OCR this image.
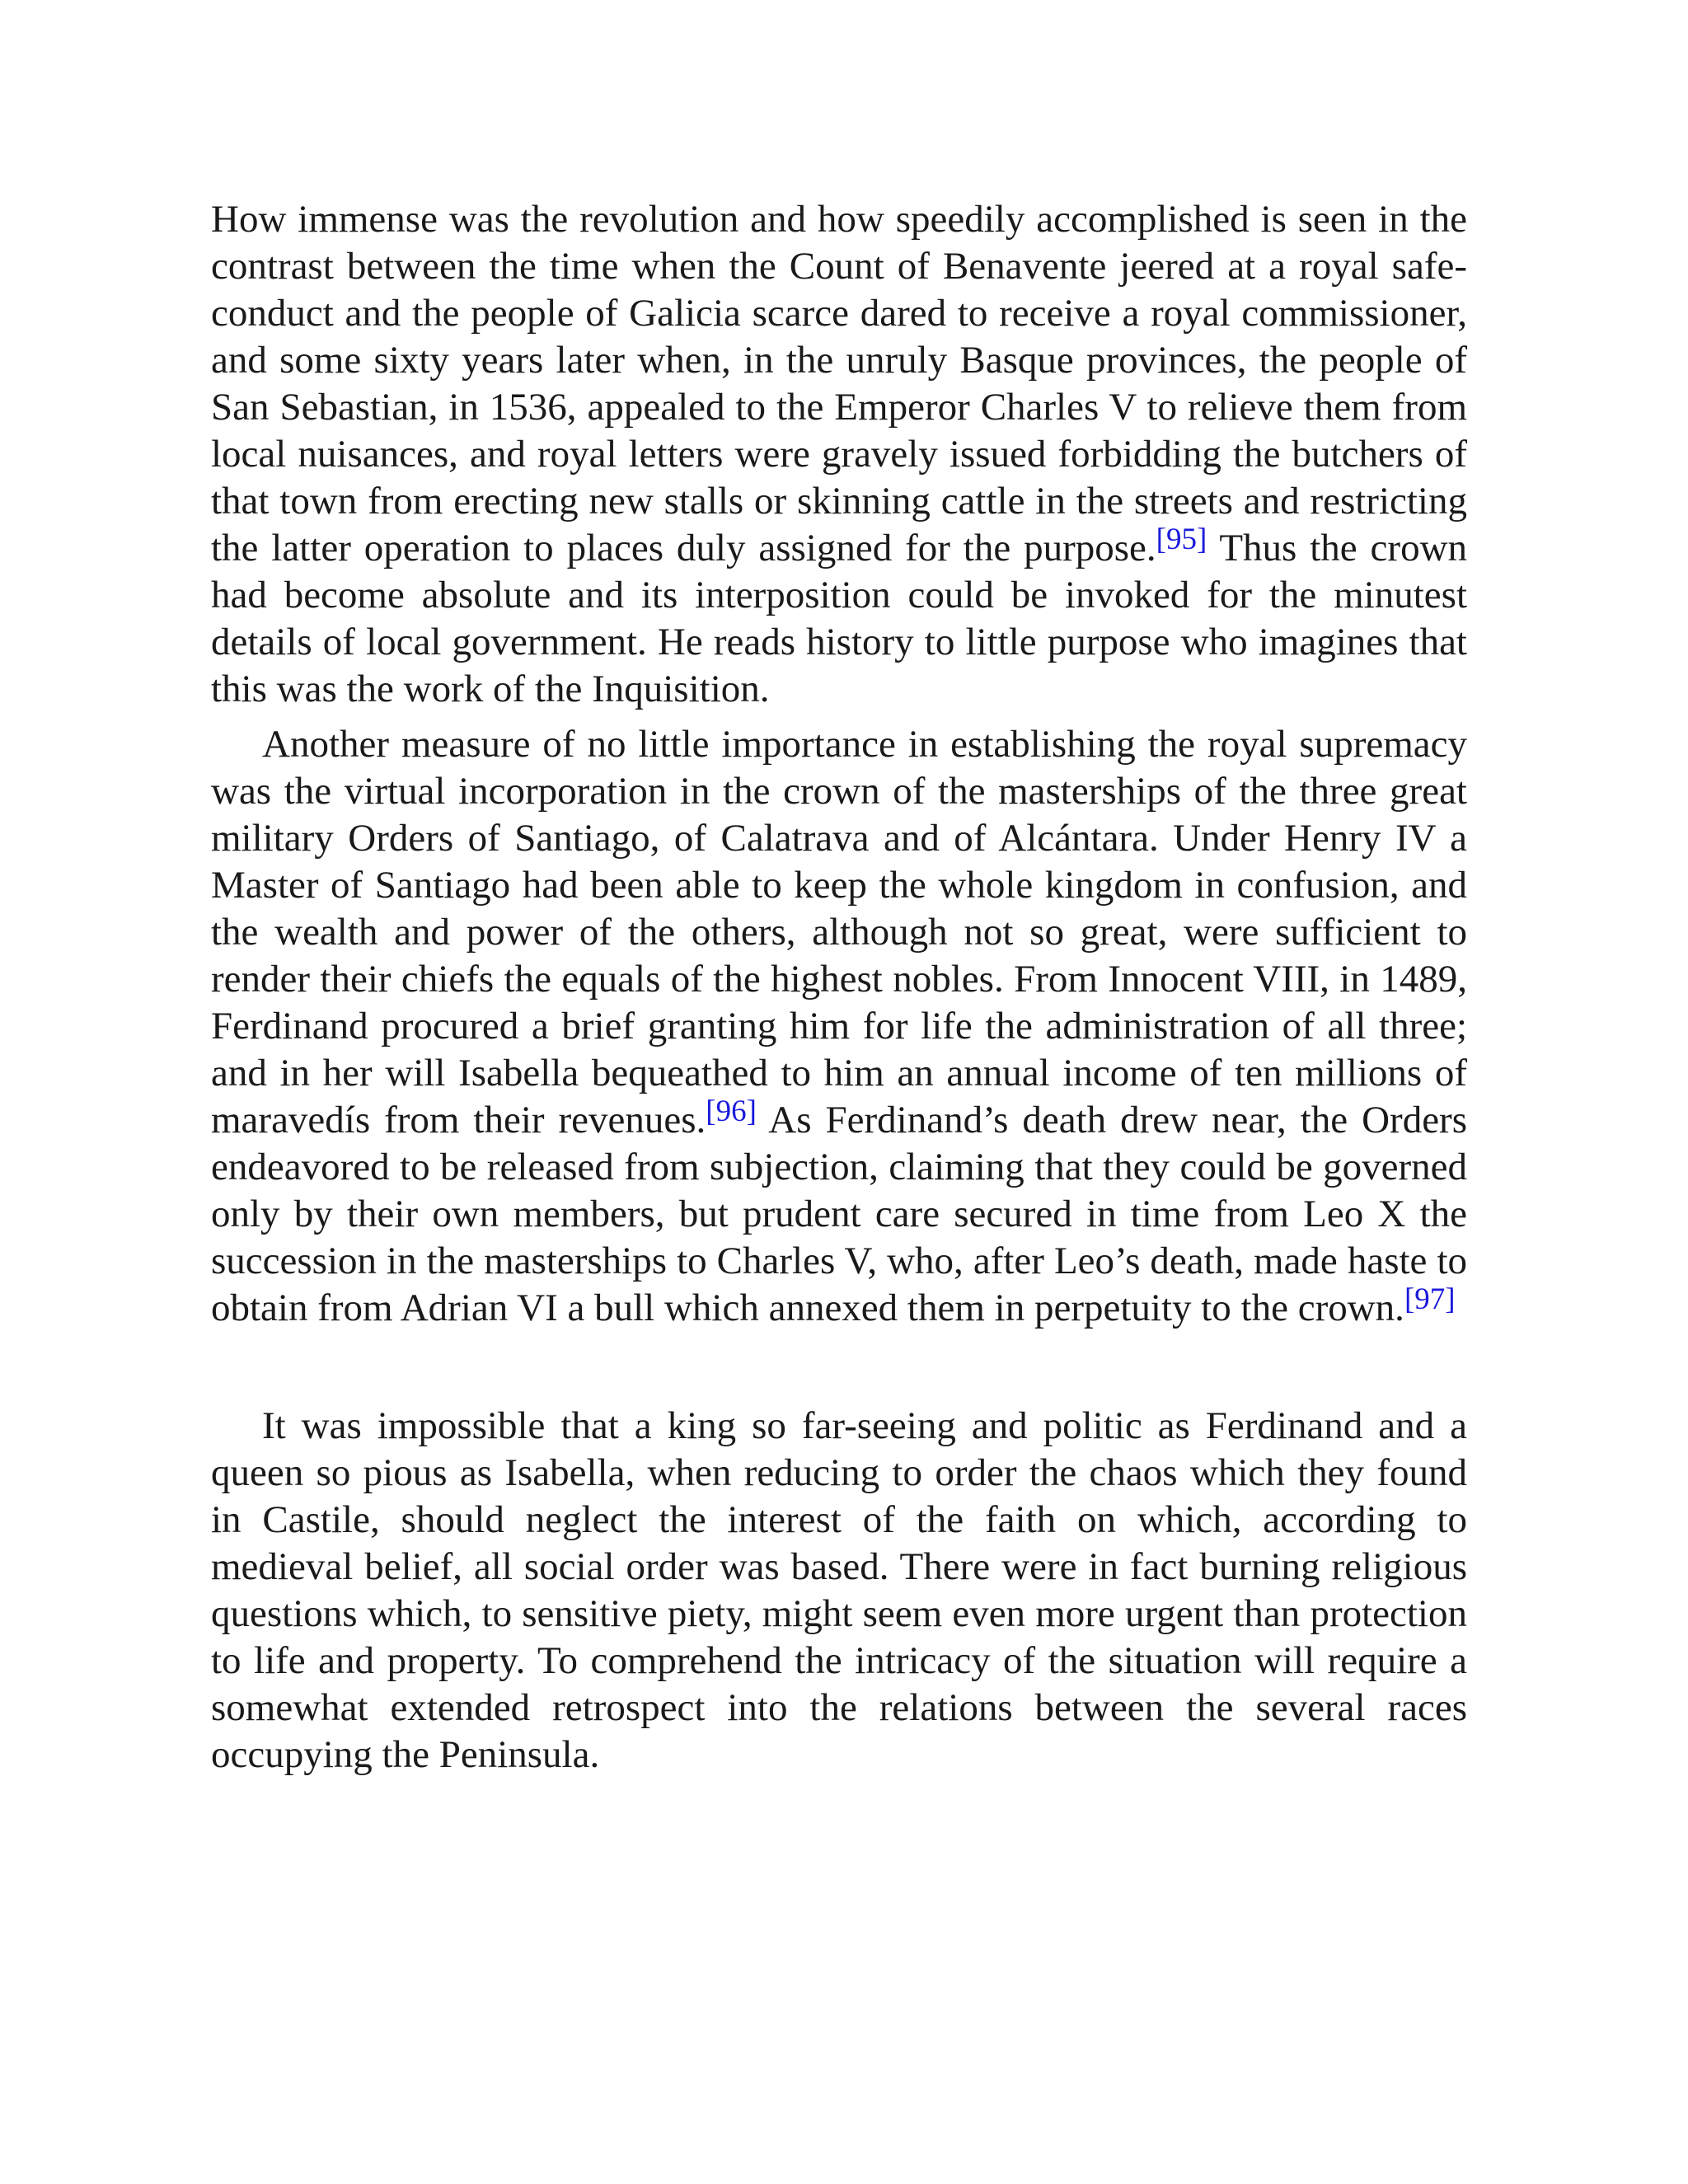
How immense was the revolution and how speedily accomplished is seen in the contrast between the time when the Count of Benavente jeered at a royal safe-conduct and the people of Galicia scarce dared to receive a royal commissioner, and some sixty years later when, in the unruly Basque provinces, the people of San Sebastian, in 1536, appealed to the Emperor Charles V to relieve them from local nuisances, and royal letters were gravely issued forbidding the butchers of that town from erecting new stalls or skinning cattle in the streets and restricting the latter operation to places duly assigned for the purpose.[95] Thus the crown had become absolute and its interposition could be invoked for the minutest details of local government. He reads history to little purpose who imagines that this was the work of the Inquisition.

Another measure of no little importance in establishing the royal supremacy was the virtual incorporation in the crown of the masterships of the three great military Orders of Santiago, of Calatrava and of Alcántara. Under Henry IV a Master of Santiago had been able to keep the whole kingdom in confusion, and the wealth and power of the others, although not so great, were sufficient to render their chiefs the equals of the highest nobles. From Innocent VIII, in 1489, Ferdinand procured a brief granting him for life the administration of all three; and in her will Isabella bequeathed to him an annual income of ten millions of maravedís from their revenues.[96] As Ferdinand’s death drew near, the Orders endeavored to be released from subjection, claiming that they could be governed only by their own members, but prudent care secured in time from Leo X the succession in the masterships to Charles V, who, after Leo’s death, made haste to obtain from Adrian VI a bull which annexed them in perpetuity to the crown.[97]

It was impossible that a king so far-seeing and politic as Ferdinand and a queen so pious as Isabella, when reducing to order the chaos which they found in Castile, should neglect the interest of the faith on which, according to medieval belief, all social order was based. There were in fact burning religious questions which, to sensitive piety, might seem even more urgent than protection to life and property. To comprehend the intricacy of the situation will require a somewhat extended retrospect into the relations between the several races occupying the Peninsula.
